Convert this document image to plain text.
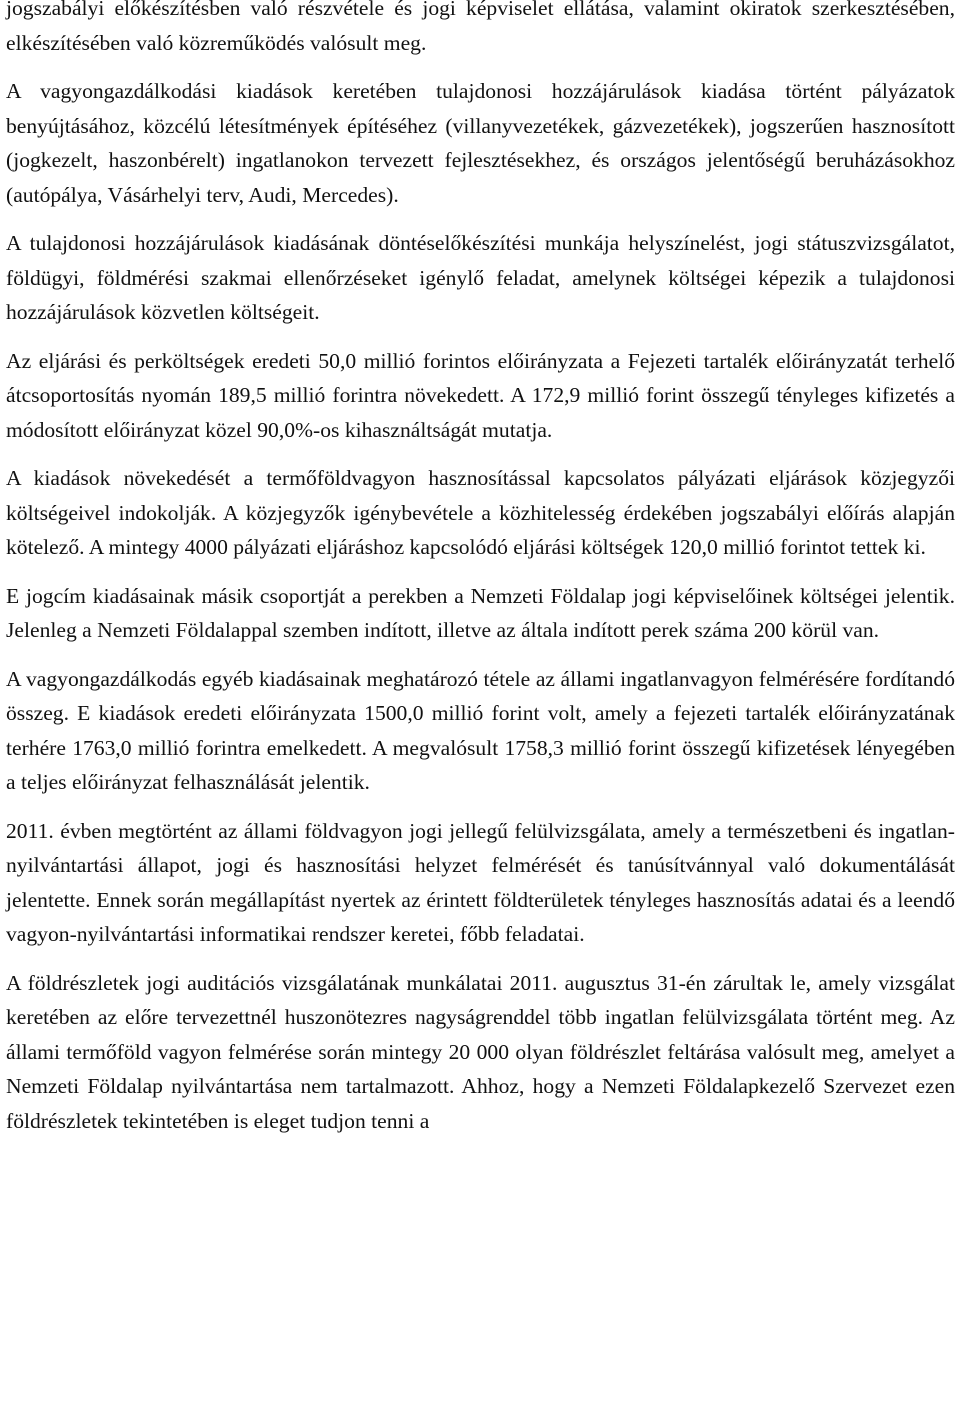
jogszabályi előkészítésben való részvétele és jogi képviselet ellátása, valamint okiratok szerkesztésében, elkészítésében való közreműködés valósult meg.

A vagyongazdálkodási kiadások keretében tulajdonosi hozzájárulások kiadása történt pályázatok benyújtásához, közcélú létesítmények építéséhez (villanyvezetékek, gázvezetékek), jogszerűen hasznosított (jogkezelt, haszonbérelt) ingatlanokon tervezett fejlesztésekhez, és országos jelentőségű beruházásokhoz (autópálya, Vásárhelyi terv, Audi, Mercedes).

A tulajdonosi hozzájárulások kiadásának döntéselőkészítési munkája helyszínelést, jogi státuszvizsgálatot, földügyi, földmérési szakmai ellenőrzéseket igénylő feladat, amelynek költségei képezik a tulajdonosi hozzájárulások közvetlen költségeit.

Az eljárási és perköltségek eredeti 50,0 millió forintos előirányzata a Fejezeti tartalék előirányzatát terhelő átcsoportosítás nyomán 189,5 millió forintra növekedett. A 172,9 millió forint összegű tényleges kifizetés a módosított előirányzat közel 90,0%-os kihasználtságát mutatja.

A kiadások növekedését a termőföldvagyon hasznosítással kapcsolatos pályázati eljárások közjegyzői költségeivel indokolják. A közjegyzők igénybevétele a közhitelesség érdekében jogszabályi előírás alapján kötelező. A mintegy 4000 pályázati eljáráshoz kapcsolódó eljárási költségek 120,0 millió forintot tettek ki.

E jogcím kiadásainak másik csoportját a perekben a Nemzeti Földalap jogi képviselőinek költségei jelentik. Jelenleg a Nemzeti Földalappal szemben indított, illetve az általa indított perek száma 200 körül van.

A vagyongazdálkodás egyéb kiadásainak meghatározó tétele az állami ingatlanvagyon felmérésére fordítandó összeg. E kiadások eredeti előirányzata 1500,0 millió forint volt, amely a fejezeti tartalék előirányzatának terhére 1763,0 millió forintra emelkedett. A megvalósult 1758,3 millió forint összegű kifizetések lényegében a teljes előirányzat felhasználását jelentik.

2011. évben megtörtént az állami földvagyon jogi jellegű felülvizsgálata, amely a természetbeni és ingatlan-nyilvántartási állapot, jogi és hasznosítási helyzet felmérését és tanúsítvánnyal való dokumentálását jelentette. Ennek során megállapítást nyertek az érintett földterületek tényleges hasznosítás adatai és a leendő vagyon-nyilvántartási informatikai rendszer keretei, főbb feladatai.

A földrészletek jogi auditációs vizsgálatának munkálatai 2011. augusztus 31-én zárultak le, amely vizsgálat keretében az előre tervezettnél huszonötezres nagyságrenddel több ingatlan felülvizsgálata történt meg. Az állami termőföld vagyon felmérése során mintegy 20 000 olyan földrészlet feltárása valósult meg, amelyet a Nemzeti Földalap nyilvántartása nem tartalmazott. Ahhoz, hogy a Nemzeti Földalapkezelő Szervezet ezen földrészletek tekintetében is eleget tudjon tenni a
